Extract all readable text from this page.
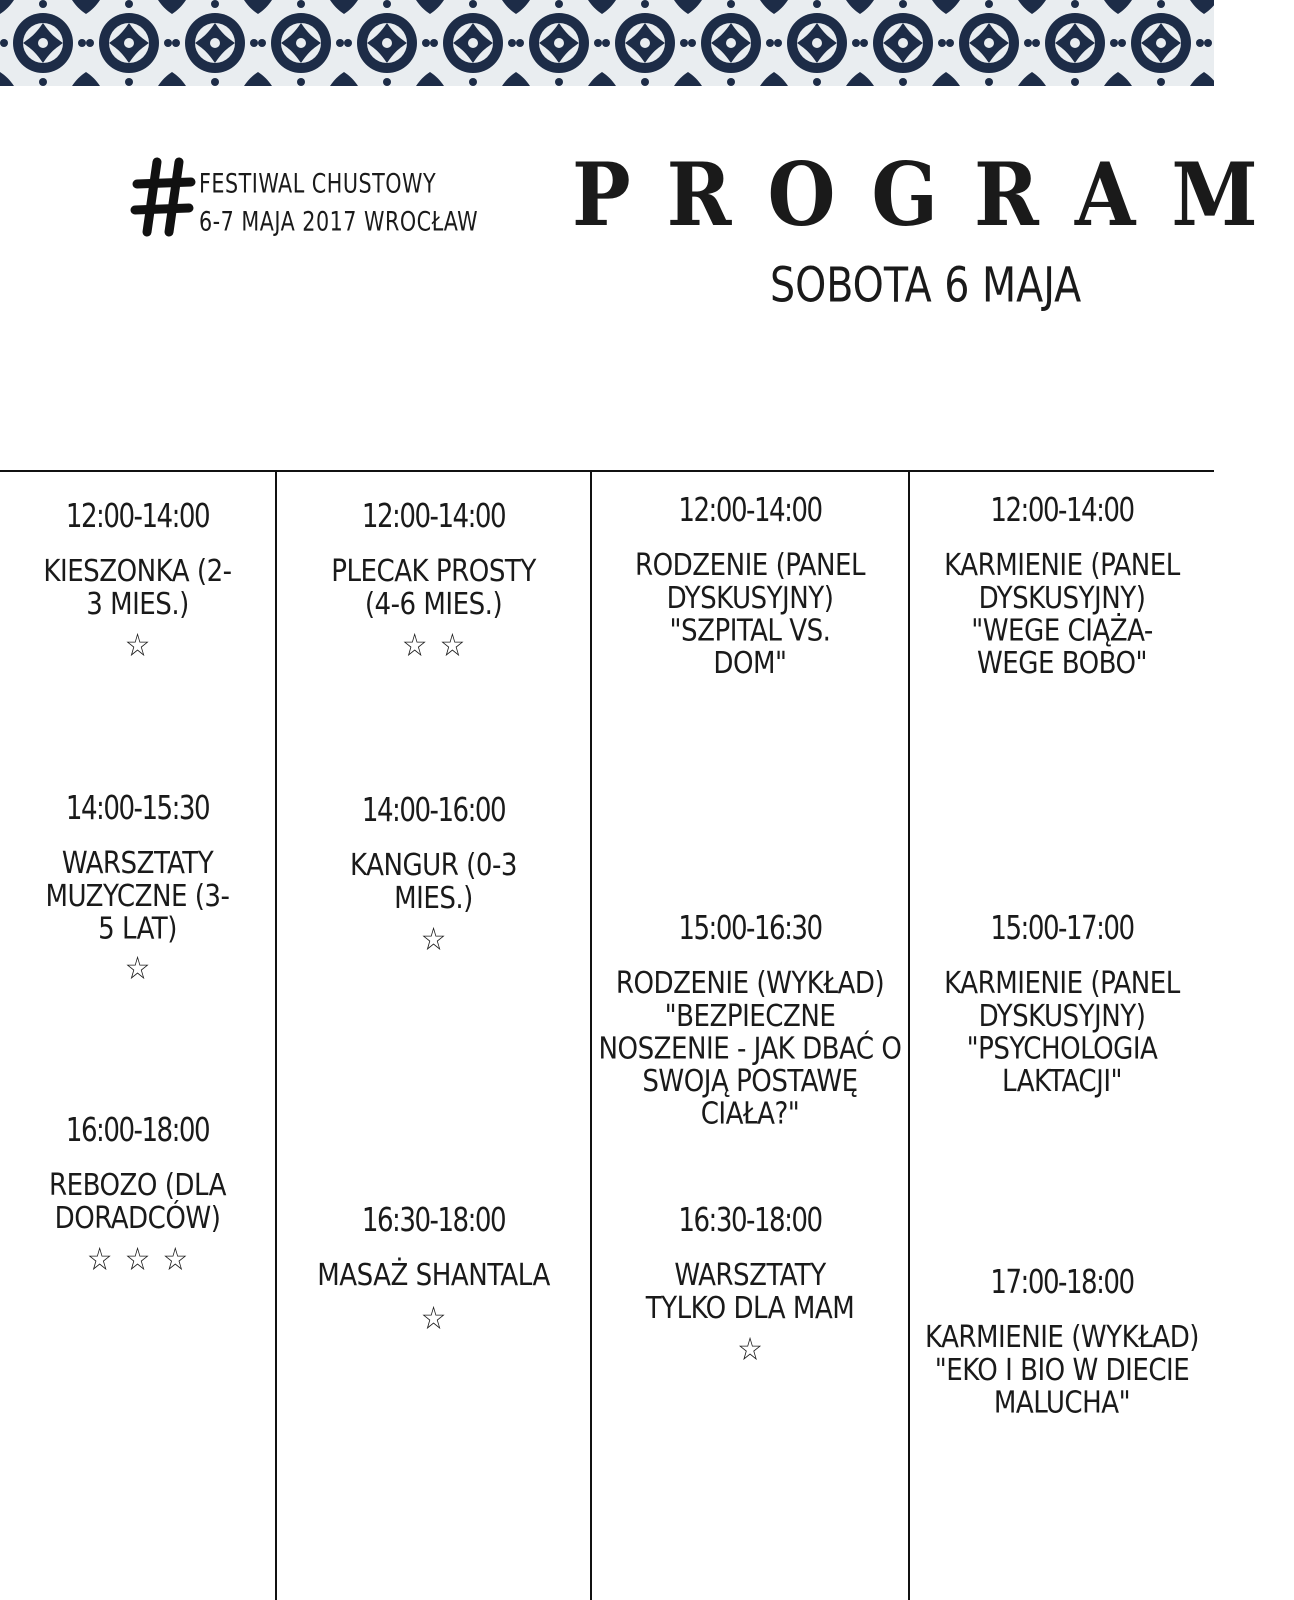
FESTIWAL CHUSTOWY
6-7 MAJA 2017 WROCŁAW PROGRAM
SOBOTA 6 MAJA
12:00-14:00
KIESZONKA (2-3 MIES.)
☆
14:00-15:30
WARSZTATY MUZYCZNE (3-5 LAT)
☆
16:00-18:00
REBOZO (DLA DORADCÓW)
☆☆☆
12:00-14:00
PLECAK PROSTY (4-6 MIES.)
☆☆
14:00-16:00
KANGUR (0-3 MIES.)
☆
16:30-18:00
MASAŻ SHANTALA
☆
12:00-14:00
RODZENIE (PANEL DYSKUSYJNY) "SZPITAL VS. DOM"
15:00-16:30
RODZENIE (WYKŁAD) "BEZPIECZNE NOSZENIE - JAK DBAĆ O SWOJĄ POSTAWĘ CIAŁA?"
16:30-18:00
WARSZTATY TYLKO DLA MAM
☆
12:00-14:00
KARMIENIE (PANEL DYSKUSYJNY) "WEGE CIĄŻA-WEGE BOBO"
15:00-17:00
KARMIENIE (PANEL DYSKUSYJNY) "PSYCHOLOGIA LAKTACJI"
17:00-18:00
KARMIENIE (WYKŁAD) "EKO I BIO W DIECIE MALUCHA"
